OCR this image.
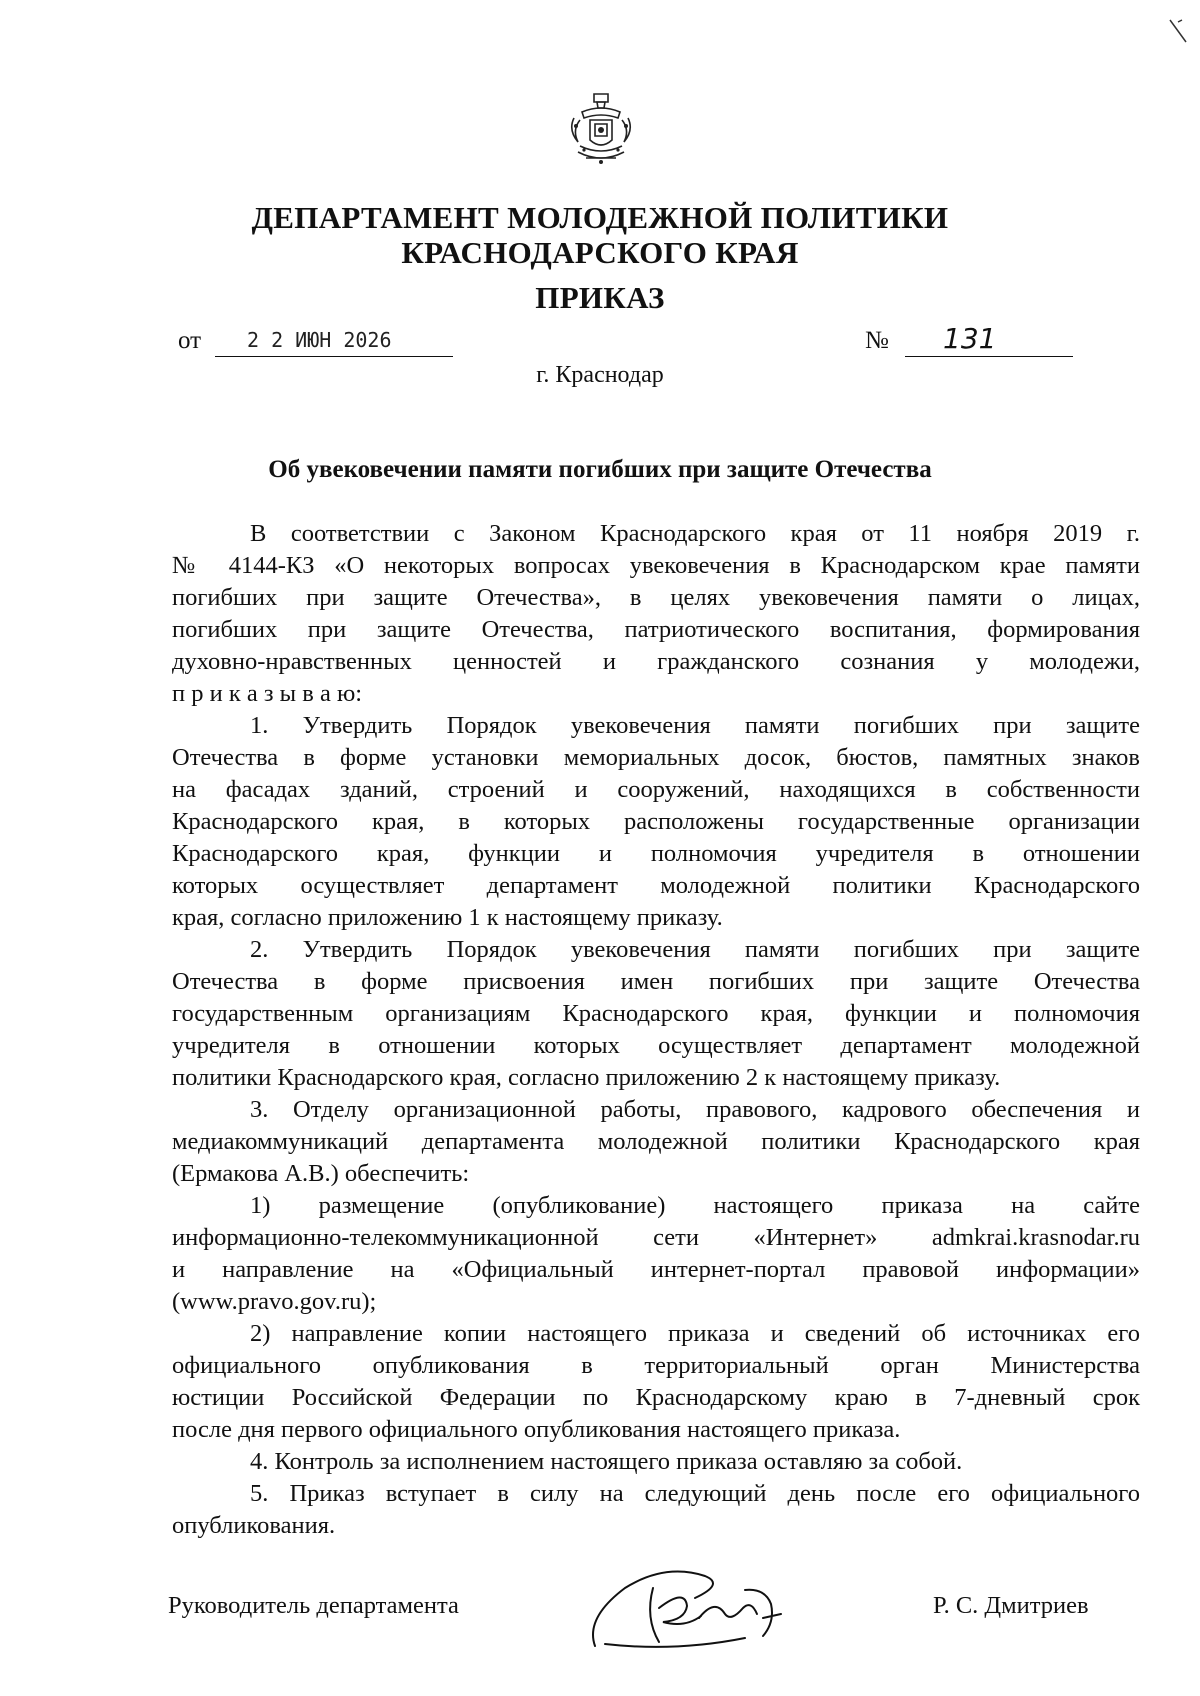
ДЕПАРТАМЕНТ МОЛОДЕЖНОЙ ПОЛИТИКИ
КРАСНОДАРСКОГО КРАЯ
ПРИКАЗ
от 2 2 ИЮН 2026	№ 131
г. Краснодар
Об увековечении памяти погибших при защите Отечества
В соответствии с Законом Краснодарского края от 11 ноября 2019 г.
№ 4144-КЗ «О некоторых вопросах увековечения в Краснодарском крае памяти
погибших при защите Отечества», в целях увековечения памяти о лицах,
погибших при защите Отечества, патриотического воспитания, формирования
духовно-нравственных ценностей и гражданского сознания у молодежи,
п р и к а з ы в а ю:
1. Утвердить Порядок увековечения памяти погибших при защите
Отечества в форме установки мемориальных досок, бюстов, памятных знаков
на фасадах зданий, строений и сооружений, находящихся в собственности
Краснодарского края, в которых расположены государственные организации
Краснодарского края, функции и полномочия учредителя в отношении
которых осуществляет департамент молодежной политики Краснодарского
края, согласно приложению 1 к настоящему приказу.
2. Утвердить Порядок увековечения памяти погибших при защите
Отечества в форме присвоения имен погибших при защите Отечества
государственным организациям Краснодарского края, функции и полномочия
учредителя в отношении которых осуществляет департамент молодежной
политики Краснодарского края, согласно приложению 2 к настоящему приказу.
3. Отделу организационной работы, правового, кадрового обеспечения и
медиакоммуникаций департамента молодежной политики Краснодарского края
(Ермакова А.В.) обеспечить:
1) размещение (опубликование) настоящего приказа на сайте
информационно-телекоммуникационной сети «Интернет» admkrai.krasnodar.ru
и направление на «Официальный интернет-портал правовой информации»
(www.pravo.gov.ru);
2) направление копии настоящего приказа и сведений об источниках его
официального опубликования в территориальный орган Министерства
юстиции Российской Федерации по Краснодарскому краю в 7-дневный срок
после дня первого официального опубликования настоящего приказа.
4. Контроль за исполнением настоящего приказа оставляю за собой.
5. Приказ вступает в силу на следующий день после его официального
опубликования.
Руководитель департамента	Р. С. Дмитриев
